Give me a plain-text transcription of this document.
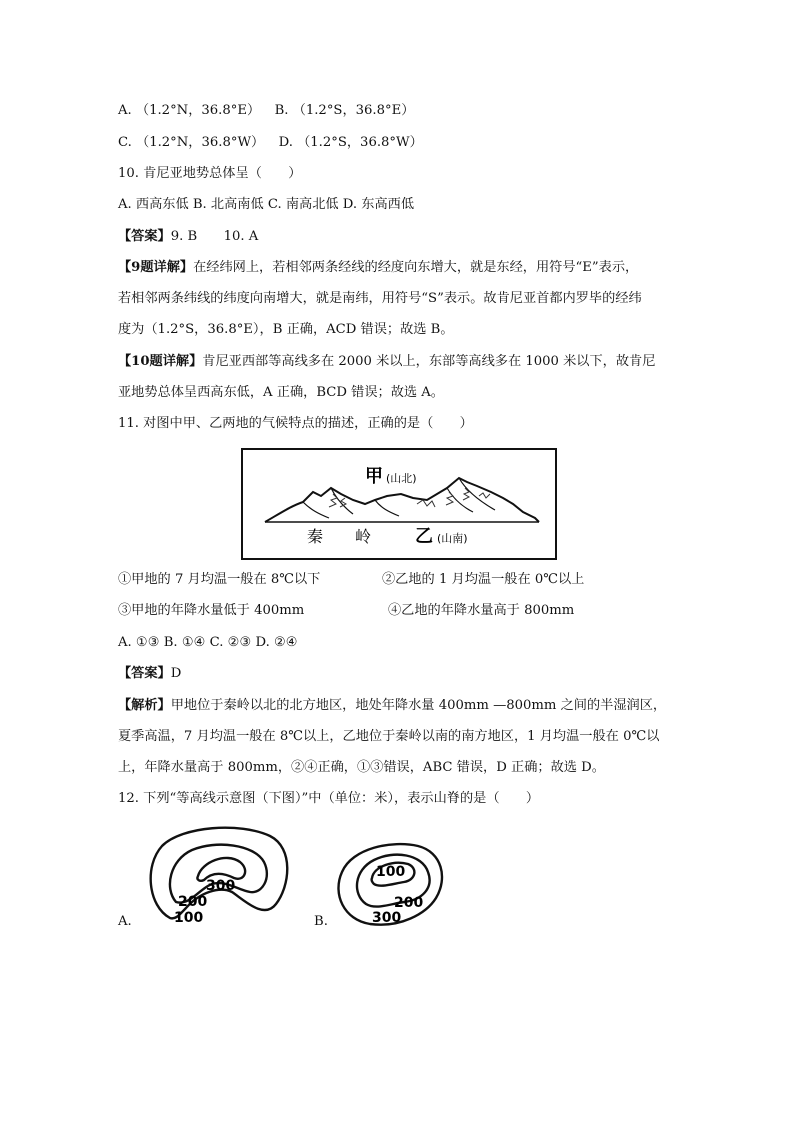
A. （1.2°N，36.8°E） B. （1.2°S，36.8°E）
C. （1.2°N，36.8°W） D. （1.2°S，36.8°W）
10. 肯尼亚地势总体呈（　　）
A. 西高东低 B. 北高南低 C. 南高北低 D. 东高西低
【答案】9. B　　10. A
【9题详解】在经纬网上，若相邻两条经线的经度向东增大，就是东经，用符号“E”表示，
若相邻两条纬线的纬度向南增大，就是南纬，用符号“S”表示。故肯尼亚首都内罗毕的经纬
度为（1.2°S，36.8°E），B 正确，ACD 错误；故选 B。
【10题详解】肯尼亚西部等高线多在 2000 米以上，东部等高线多在 1000 米以下，故肯尼
亚地势总体呈西高东低，A 正确，BCD 错误；故选 A。
11. 对图中甲、乙两地的气候特点的描述，正确的是（　　）
甲 (山北)
秦　　岭 乙 (山南)
①甲地的 7 月均温一般在 8℃以下	②乙地的 1 月均温一般在 0℃以上
③甲地的年降水量低于 400mm	④乙地的年降水量高于 800mm
A. ①③ B. ①④ C. ②③ D. ②④
【答案】D
【解析】甲地位于秦岭以北的北方地区，地处年降水量 400mm —800mm 之间的半湿润区，
夏季高温，7 月均温一般在 8℃以上，乙地位于秦岭以南的南方地区，1 月均温一般在 0℃以
上，年降水量高于 800mm，②④正确，①③错误，ABC 错误，D 正确；故选 D。
12. 下列“等高线示意图（下图）”中（单位：米），表示山脊的是（　　）
300
200
100
A.
100
200
300
B.
